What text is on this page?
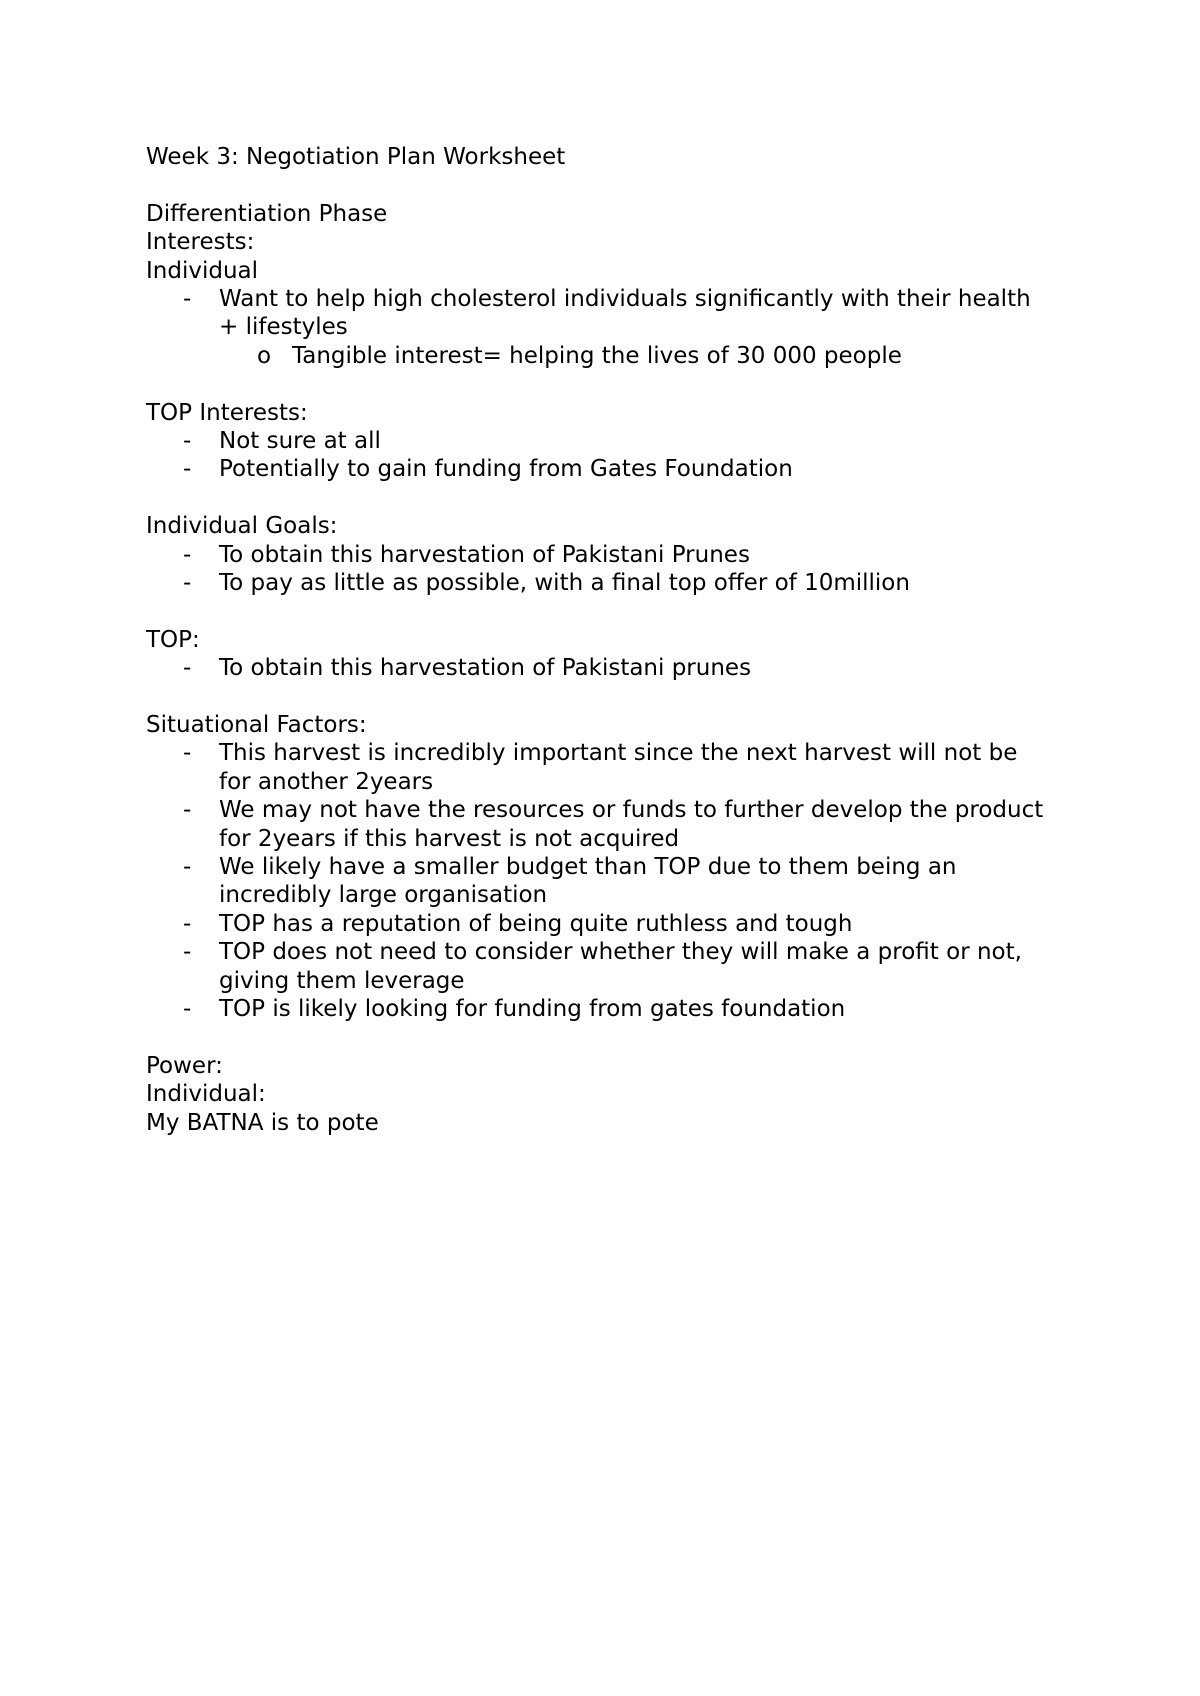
Week 3: Negotiation Plan Worksheet
Differentiation Phase
Interests:
Individual
- Want to help high cholesterol individuals significantly with their health + lifestyles
o Tangible interest= helping the lives of 30 000 people
TOP Interests:
- Not sure at all
- Potentially to gain funding from Gates Foundation
Individual Goals:
- To obtain this harvestation of Pakistani Prunes
- To pay as little as possible, with a final top offer of 10million
TOP:
- To obtain this harvestation of Pakistani prunes
Situational Factors:
- This harvest is incredibly important since the next harvest will not be for another 2years
- We may not have the resources or funds to further develop the product for 2years if this harvest is not acquired
- We likely have a smaller budget than TOP due to them being an incredibly large organisation
- TOP has a reputation of being quite ruthless and tough
- TOP does not need to consider whether they will make a profit or not, giving them leverage
- TOP is likely looking for funding from gates foundation
Power:
Individual:
My BATNA is to pote
